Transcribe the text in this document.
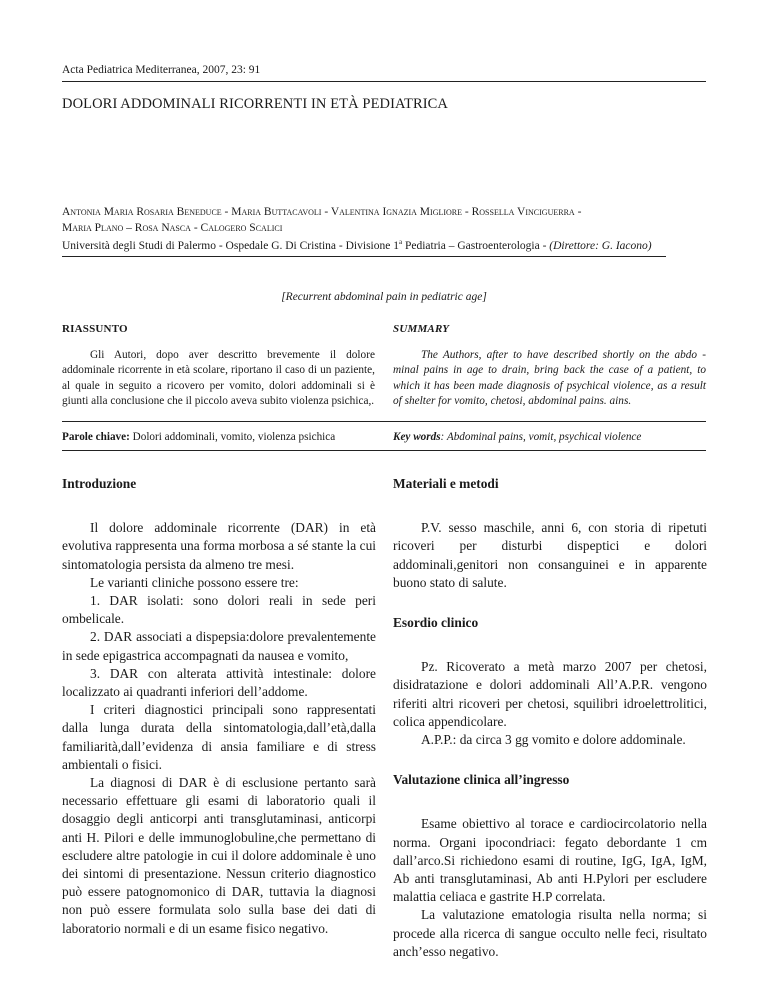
Acta Pediatrica Mediterranea, 2007, 23: 91
DOLORI ADDOMINALI RICORRENTI IN ETÀ PEDIATRICA
Antonia Maria Rosaria Beneduce - Maria Buttacavoli - Valentina Ignazia Migliore - Rossella Vinciguerra -
Maria Plano – Rosa Nasca - Calogero Scalici
Università degli Studi di Palermo - Ospedale G. Di Cristina - Divisione 1$^a$ Pediatria – Gastroenterologia - (Direttore: G. Iacono)
[Recurrent abdominal pain in pediatric age]
RIASSUNTO	SUMMARY

Gli Autori, dopo aver descritto brevemente il dolore addominale ricorrente in età scolare, riportano il caso di un paziente, al quale in seguito a ricovero per vomito, dolori addominali si è giunti alla conclusione che il piccolo aveva subito violenza psichica,.

The Authors, after to have described shortly on the abdo - minal pains in age to drain, bring back the case of a patient, to which it has been made diagnosis of psychical violence, as a result of shelter for vomito, chetosi, abdominal pains. ains.

Parole chiave: Dolori addominali, vomito, violenza psichica	Key words: Abdominal pains, vomit, psychical violence

Introduzione

Il dolore addominale ricorrente (DAR) in età evolutiva rappresenta una forma morbosa a sé stante la cui sintomatologia persista da almeno tre mesi.

Le varianti cliniche possono essere tre:

1. DAR isolati: sono dolori reali in sede peri ombelicale.

2. DAR associati a dispepsia:dolore prevalentemente in sede epigastrica accompagnati da nausea e vomito,

3. DAR con alterata attività intestinale: dolore localizzato ai quadranti inferiori dell’addome.

I criteri diagnostici principali sono rappresentati dalla lunga durata della sintomatologia,dall’età,dalla familiarità,dall’evidenza di ansia familiare e di stress ambientali o fisici.

La diagnosi di DAR è di esclusione pertanto sarà necessario effettuare gli esami di laboratorio quali il dosaggio degli anticorpi anti transglutaminasi, anticorpi anti H. Pilori e delle immunoglobuline,che permettano di escludere altre patologie in cui il dolore addominale è uno dei sintomi di presentazione. Nessun criterio diagnostico può essere patognomonico di DAR, tuttavia la diagnosi non può essere formulata solo sulla base dei dati di laboratorio normali e di un esame fisico negativo.

Materiali e metodi

P.V. sesso maschile, anni 6, con storia di ripetuti ricoveri per disturbi dispeptici e dolori addominali,genitori non consanguinei e in apparente buono stato di salute.

Esordio clinico

Pz. Ricoverato a metà marzo 2007 per chetosi, disidratazione e dolori addominali All’A.P.R. vengono riferiti altri ricoveri per chetosi, squilibri idroelettrolitici, colica appendicolare.

A.P.P.: da circa 3 gg vomito e dolore addominale.

Valutazione clinica all’ingresso

Esame obiettivo al torace e cardiocircolatorio nella norma. Organi ipocondriaci: fegato debordante 1 cm dall’arco.Si richiedono esami di routine, IgG, IgA, IgM, Ab anti transglutaminasi, Ab anti H.Pylori per escludere malattia celiaca e gastrite H.P correlata.

La valutazione ematologia risulta nella norma; si procede alla ricerca di sangue occulto nelle feci, risultato anch’esso negativo.
